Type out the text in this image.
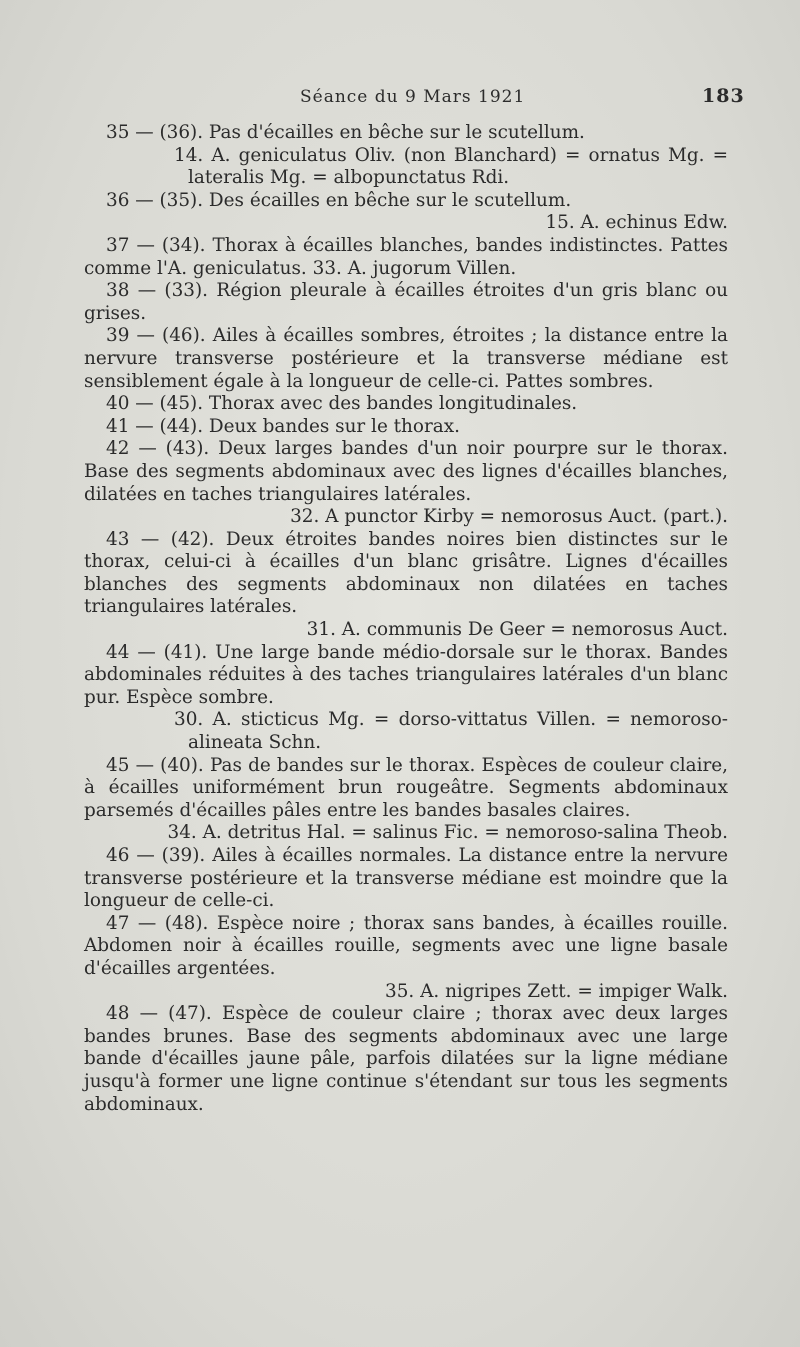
Séance du 9 Mars 1921	183

35 — (36). Pas d'écailles en bêche sur le scutellum.

14. A. geniculatus Oliv. (non Blanchard) = ornatus Mg. = lateralis Mg. = albopunctatus Rdi.

36 — (35). Des écailles en bêche sur le scutellum.

15. A. echinus Edw.

37 — (34). Thorax à écailles blanches, bandes indistinctes. Pattes comme l'A. geniculatus. 33. A. jugorum Villen.

38 — (33). Région pleurale à écailles étroites d'un gris blanc ou grises.

39 — (46). Ailes à écailles sombres, étroites ; la distance entre la nervure transverse postérieure et la transverse médiane est sensiblement égale à la longueur de celle-ci. Pattes sombres.

40 — (45). Thorax avec des bandes longitudinales.

41 — (44). Deux bandes sur le thorax.

42 — (43). Deux larges bandes d'un noir pourpre sur le thorax. Base des segments abdominaux avec des lignes d'écailles blanches, dilatées en taches triangulaires latérales.

32. A punctor Kirby = nemorosus Auct. (part.).

43 — (42). Deux étroites bandes noires bien distinctes sur le thorax, celui-ci à écailles d'un blanc grisâtre. Lignes d'écailles blanches des segments abdominaux non dilatées en taches triangulaires latérales.

31. A. communis De Geer = nemorosus Auct.

44 — (41). Une large bande médio-dorsale sur le thorax. Bandes abdominales réduites à des taches triangulaires latérales d'un blanc pur. Espèce sombre.

30. A. sticticus Mg. = dorso-vittatus Villen. = nemoroso-alineata Schn.

45 — (40). Pas de bandes sur le thorax. Espèces de couleur claire, à écailles uniformément brun rougeâtre. Segments abdominaux parsemés d'écailles pâles entre les bandes basales claires.

34. A. detritus Hal. = salinus Fic. = nemoroso-salina Theob.

46 — (39). Ailes à écailles normales. La distance entre la nervure transverse postérieure et la transverse médiane est moindre que la longueur de celle-ci.

47 — (48). Espèce noire ; thorax sans bandes, à écailles rouille. Abdomen noir à écailles rouille, segments avec une ligne basale d'écailles argentées.

35. A. nigripes Zett. = impiger Walk.

48 — (47). Espèce de couleur claire ; thorax avec deux larges bandes brunes. Base des segments abdominaux avec une large bande d'écailles jaune pâle, parfois dilatées sur la ligne médiane jusqu'à former une ligne continue s'étendant sur tous les segments abdominaux.
